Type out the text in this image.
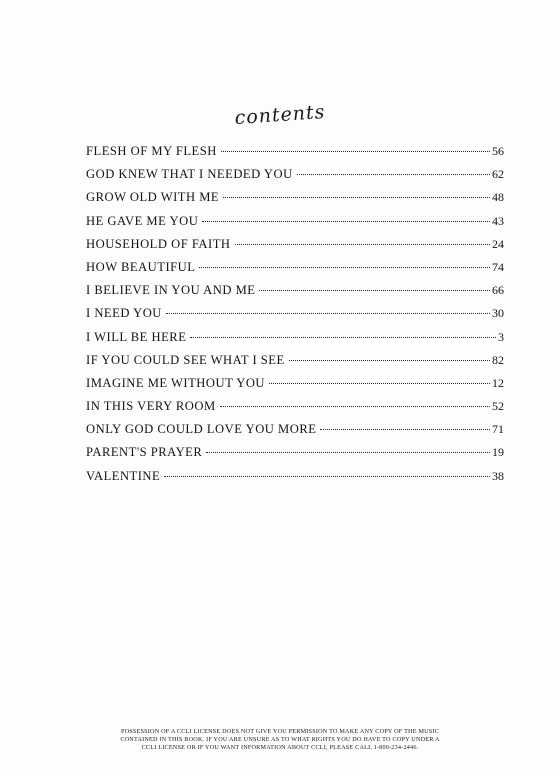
contents
FLESH OF MY FLESH	56
GOD KNEW THAT I NEEDED YOU	62
GROW OLD WITH ME	48
HE GAVE ME YOU	43
HOUSEHOLD OF FAITH	24
HOW BEAUTIFUL	74
I BELIEVE IN YOU AND ME	66
I NEED YOU	30
I WILL BE HERE	3
IF YOU COULD SEE WHAT I SEE	82
IMAGINE ME WITHOUT YOU	12
IN THIS VERY ROOM	52
ONLY GOD COULD LOVE YOU MORE	71
PARENT'S PRAYER	19
VALENTINE	38
POSSESSION OF A CCLI LICENSE DOES NOT GIVE YOU PERMISSION TO MAKE ANY COPY OF THE MUSIC
CONTAINED IN THIS BOOK. IF YOU ARE UNSURE AS TO WHAT RIGHTS YOU DO HAVE TO COPY UNDER A
CCLI LICENSE OR IF YOU WANT INFORMATION ABOUT CCLI, PLEASE CALL 1-800-234-2446.
